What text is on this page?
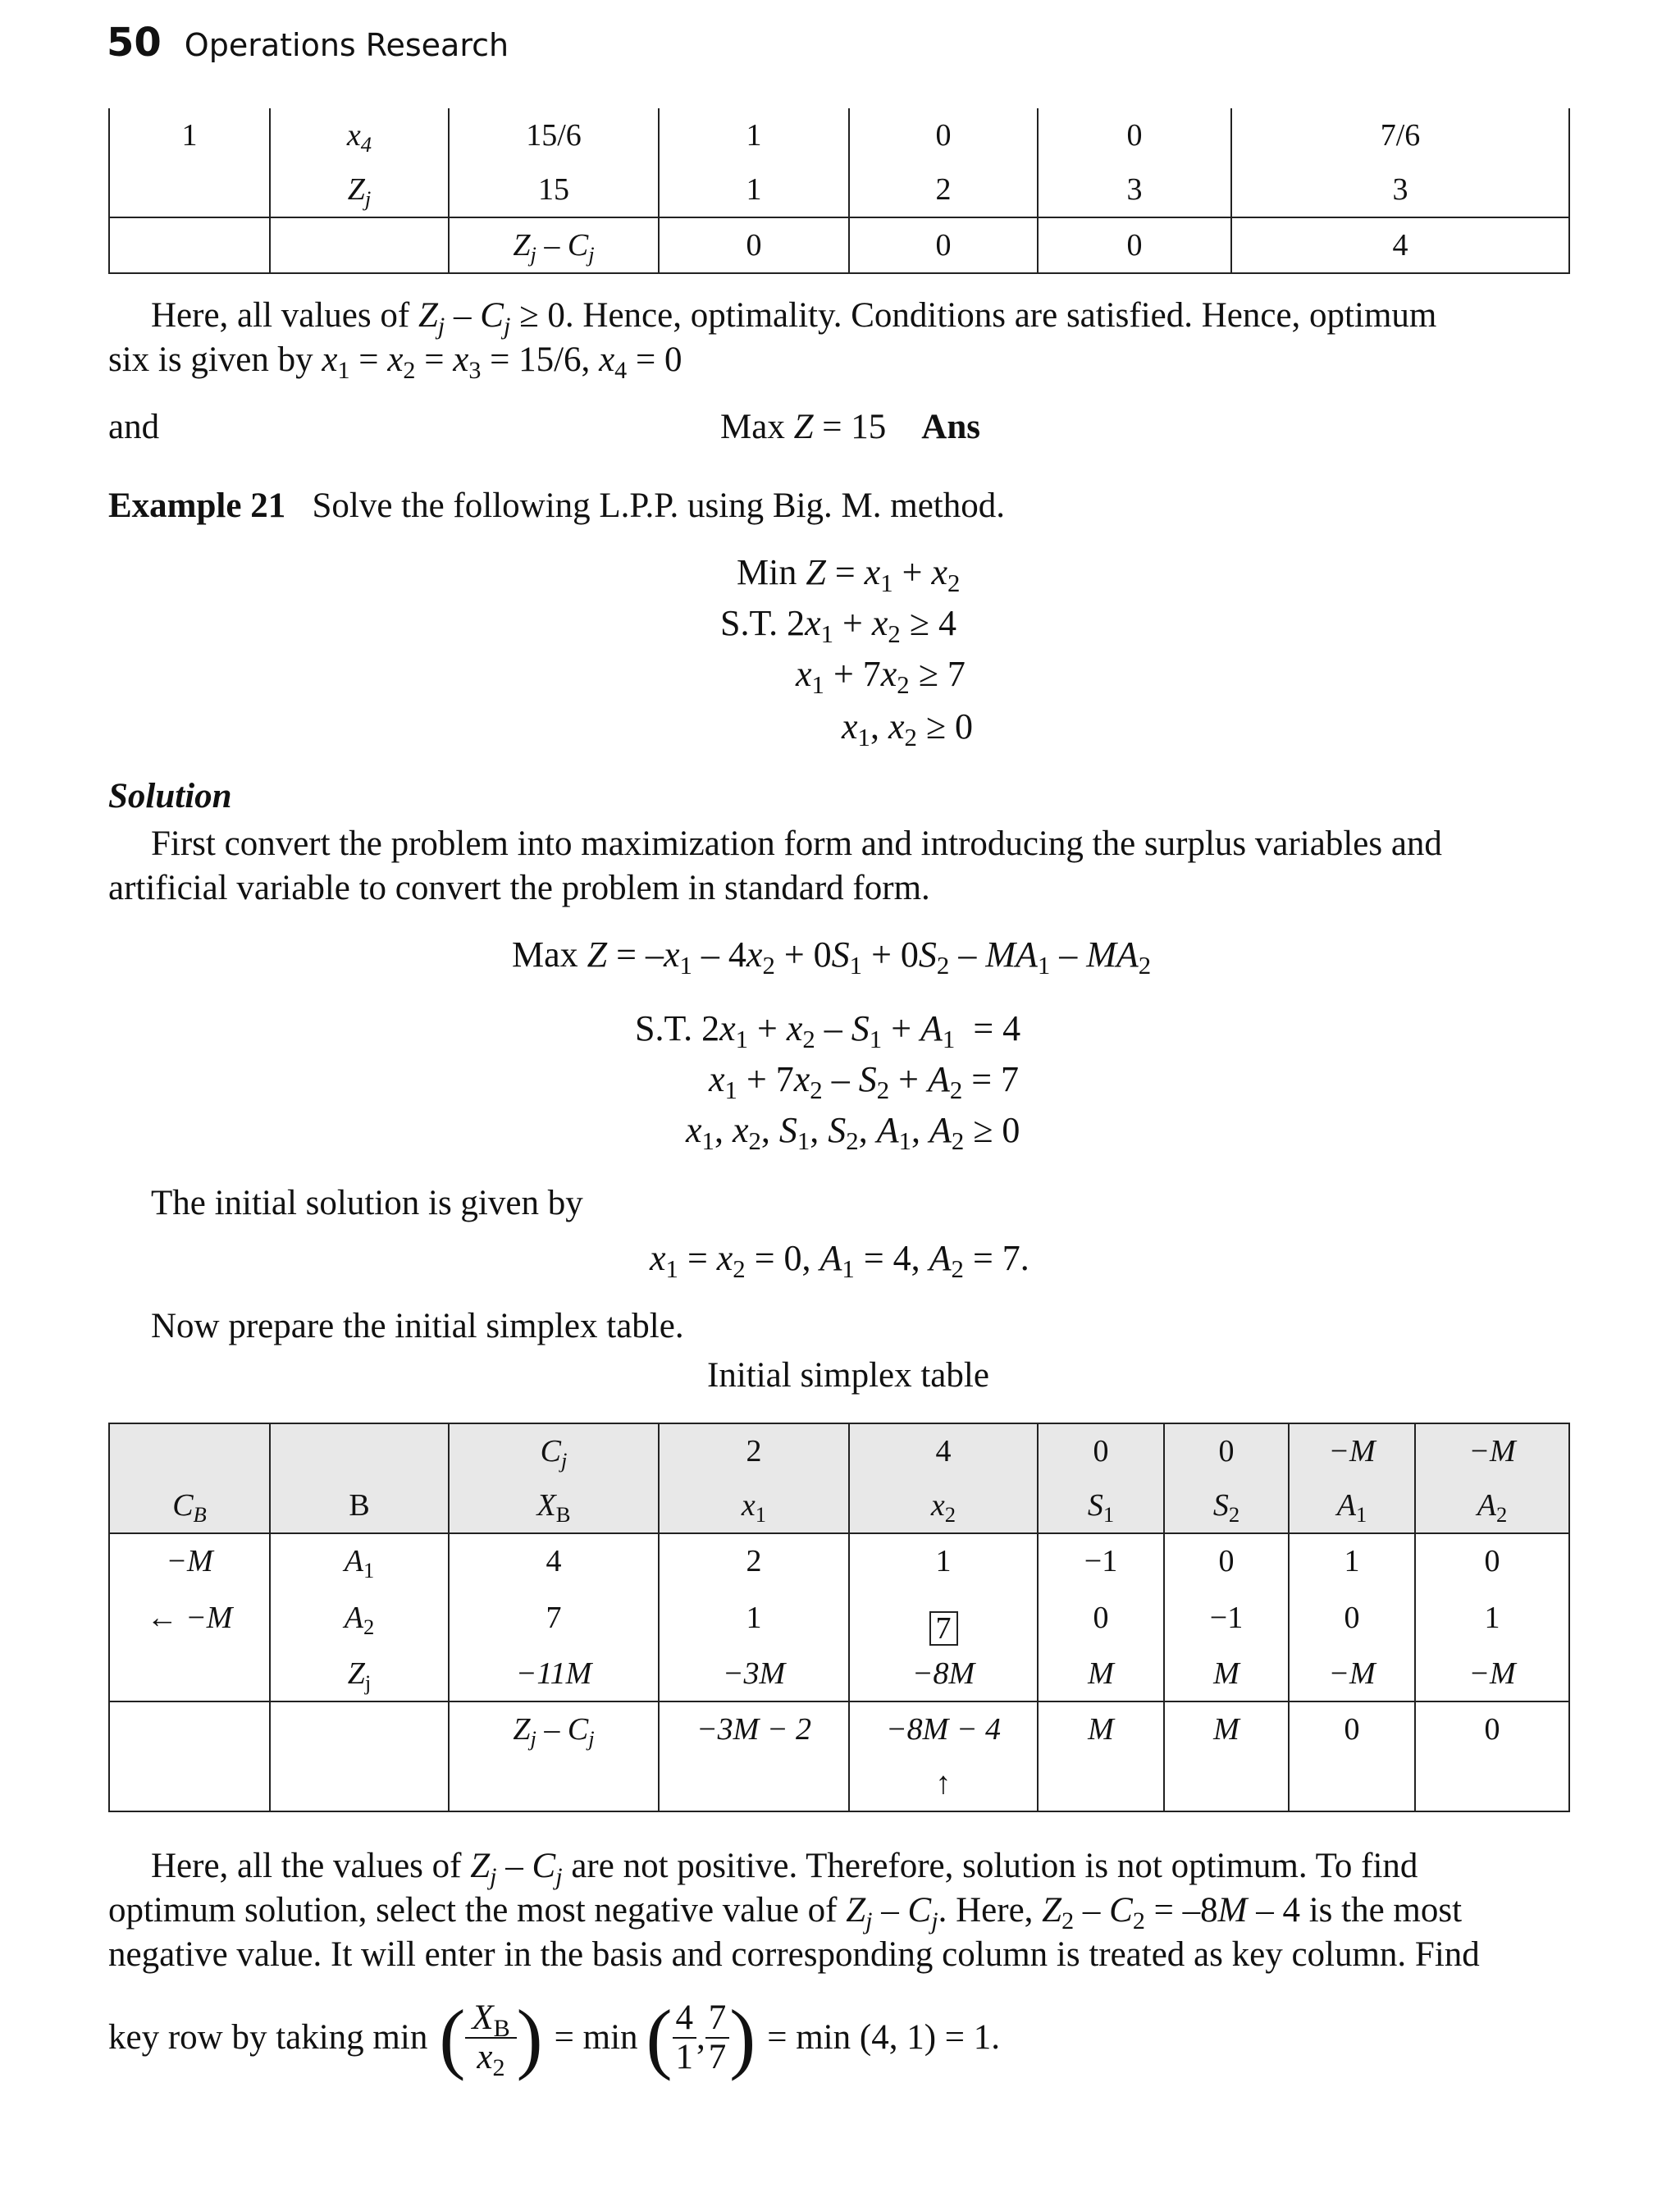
50 Operations Research
1	$x_4$	15/6	1	0	0	7/6
	$Z_j$	15	1	2	3	3
		$Z_j - C_j$	0	0	0	4
Here, all values of $Z_j - C_j \ge 0$. Hence, optimality. Conditions are satisfied. Hence, optimum
six is given by $x_1 = x_2 = x_3 = 15/6$, $x_4 = 0$
and	Max Z = 15    Ans
Example 21 Solve the following L.P.P. using Big. M. method.
Min $Z = x_1 + x_2$
S.T. $2x_1 + x_2 \ge 4$
$x_1 + 7x_2 \ge 7$
$x_1$, $x_2 \ge 0$
Solution
First convert the problem into maximization form and introducing the surplus variables and
artificial variable to convert the problem in standard form.
Max $Z = -x_1 - 4x_2 + 0S_1 + 0S_2 - MA_1 - MA_2$
S.T. $2x_1 + x_2 - S_1 + A_1 = 4$
$x_1 + 7x_2 - S_2 + A_2 = 7$
$x_1$, $x_2$, $S_1$, $S_2$, $A_1$, $A_2 \ge 0$
The initial solution is given by
$x_1 = x_2 = 0$, $A_1 = 4$, $A_2 = 7$.
Now prepare the initial simplex table.
Initial simplex table
		$C_j$	2	4	0	0	−M	−M
$C_B$	B	$X_B$	$x_1$	$x_2$	$S_1$	$S_2$	$A_1$	$A_2$
−M	$A_1$	4	2	1	−1	0	1	0
← −M	$A_2$	7	1	7	0	−1	0	1
	$Z_j$	−11M	−3M	−8M	M	M	−M	−M
		$Z_j - C_j$	−3M − 2	−8M − 4	M	M	0	0
				↑				
Here, all the values of $Z_j - C_j$ are not positive. Therefore, solution is not optimum. To find
optimum solution, select the most negative value of $Z_j - C_j$. Here, $Z_2 - C_2 = -8M - 4$ is the most
negative value. It will enter in the basis and corresponding column is treated as key column. Find
key row by taking min ( $\frac{X_B}{x_2}$ ) = min ( $\frac{4}{1}$ , $\frac{7}{7}$ ) = min (4, 1) = 1.
